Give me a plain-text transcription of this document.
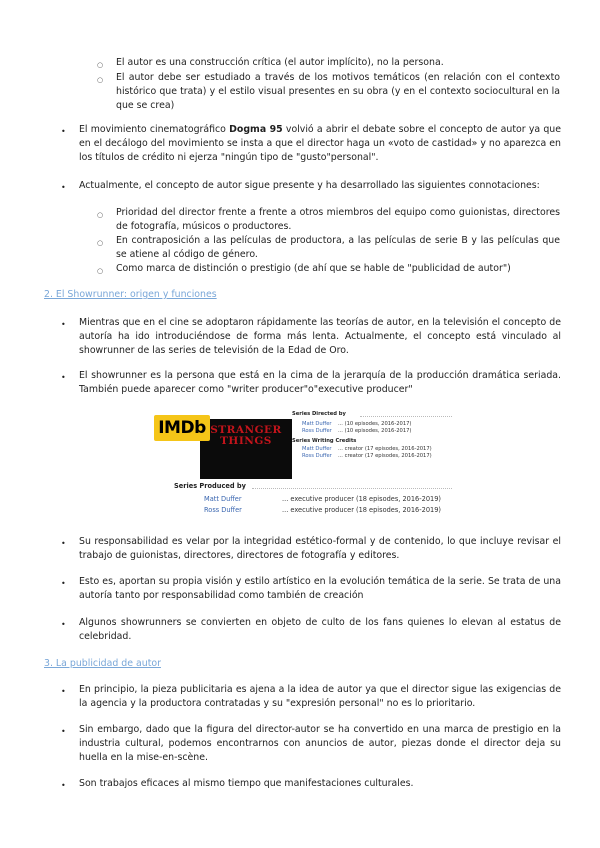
○ El autor es una construcción crítica (el autor implícito), no la persona.
○ El autor debe ser estudiado a través de los motivos temáticos (en relación con el contexto histórico que trata) y el estilo visual presentes en su obra (y en el contexto sociocultural en la que se crea)
• El movimiento cinematográfico Dogma 95 volvió a abrir el debate sobre el concepto de autor ya que en el decálogo del movimiento se insta a que el director haga un «voto de castidad» y no aparezca en los títulos de crédito ni ejerza "ningún tipo de "gusto"personal".
• Actualmente, el concepto de autor sigue presente y ha desarrollado las siguientes connotaciones:
○ Prioridad del director frente a frente a otros miembros del equipo como guionistas, directores de fotografía, músicos o productores.
○ En contraposición a las películas de productora, a las películas de serie B y las películas que se atiene al código de género.
○ Como marca de distinción o prestigio (de ahí que se hable de "publicidad de autor")
2. El Showrunner: origen y funciones
• Mientras que en el cine se adoptaron rápidamente las teorías de autor, en la televisión el concepto de autoría ha ido introduciéndose de forma más lenta. Actualmente, el concepto está vinculado al showrunner de las series de televisión de la Edad de Oro.
• El showrunner es la persona que está en la cima de la jerarquía de la producción dramática seriada. También puede aparecer como "writer producer"o"executive producer"
STRANGER THINGS
IMDb
Series Directed by
Matt Duffer ... (10 episodes, 2016-2017)
Ross Duffer ... (10 episodes, 2016-2017)
Series Writing Credits
Matt Duffer ... creator (17 episodes, 2016-2017)
Ross Duffer ... creator (17 episodes, 2016-2017)
Series Produced by
Matt Duffer	... executive producer (18 episodes, 2016-2019)
Ross Duffer	... executive producer (18 episodes, 2016-2019)
• Su responsabilidad es velar por la integridad estético-formal y de contenido, lo que incluye revisar el trabajo de guionistas, directores, directores de fotografía y editores.
• Esto es, aportan su propia visión y estilo artístico en la evolución temática de la serie. Se trata de una autoría tanto por responsabilidad como también de creación
• Algunos showrunners se convierten en objeto de culto de los fans quienes lo elevan al estatus de celebridad.
3. La publicidad de autor
• En principio, la pieza publicitaria es ajena a la idea de autor ya que el director sigue las exigencias de la agencia y la productora contratadas y su "expresión personal" no es lo prioritario.
• Sin embargo, dado que la figura del director-autor se ha convertido en una marca de prestigio en la industria cultural, podemos encontrarnos con anuncios de autor, piezas donde el director deja su huella en la mise-en-scène.
• Son trabajos eficaces al mismo tiempo que manifestaciones culturales.
